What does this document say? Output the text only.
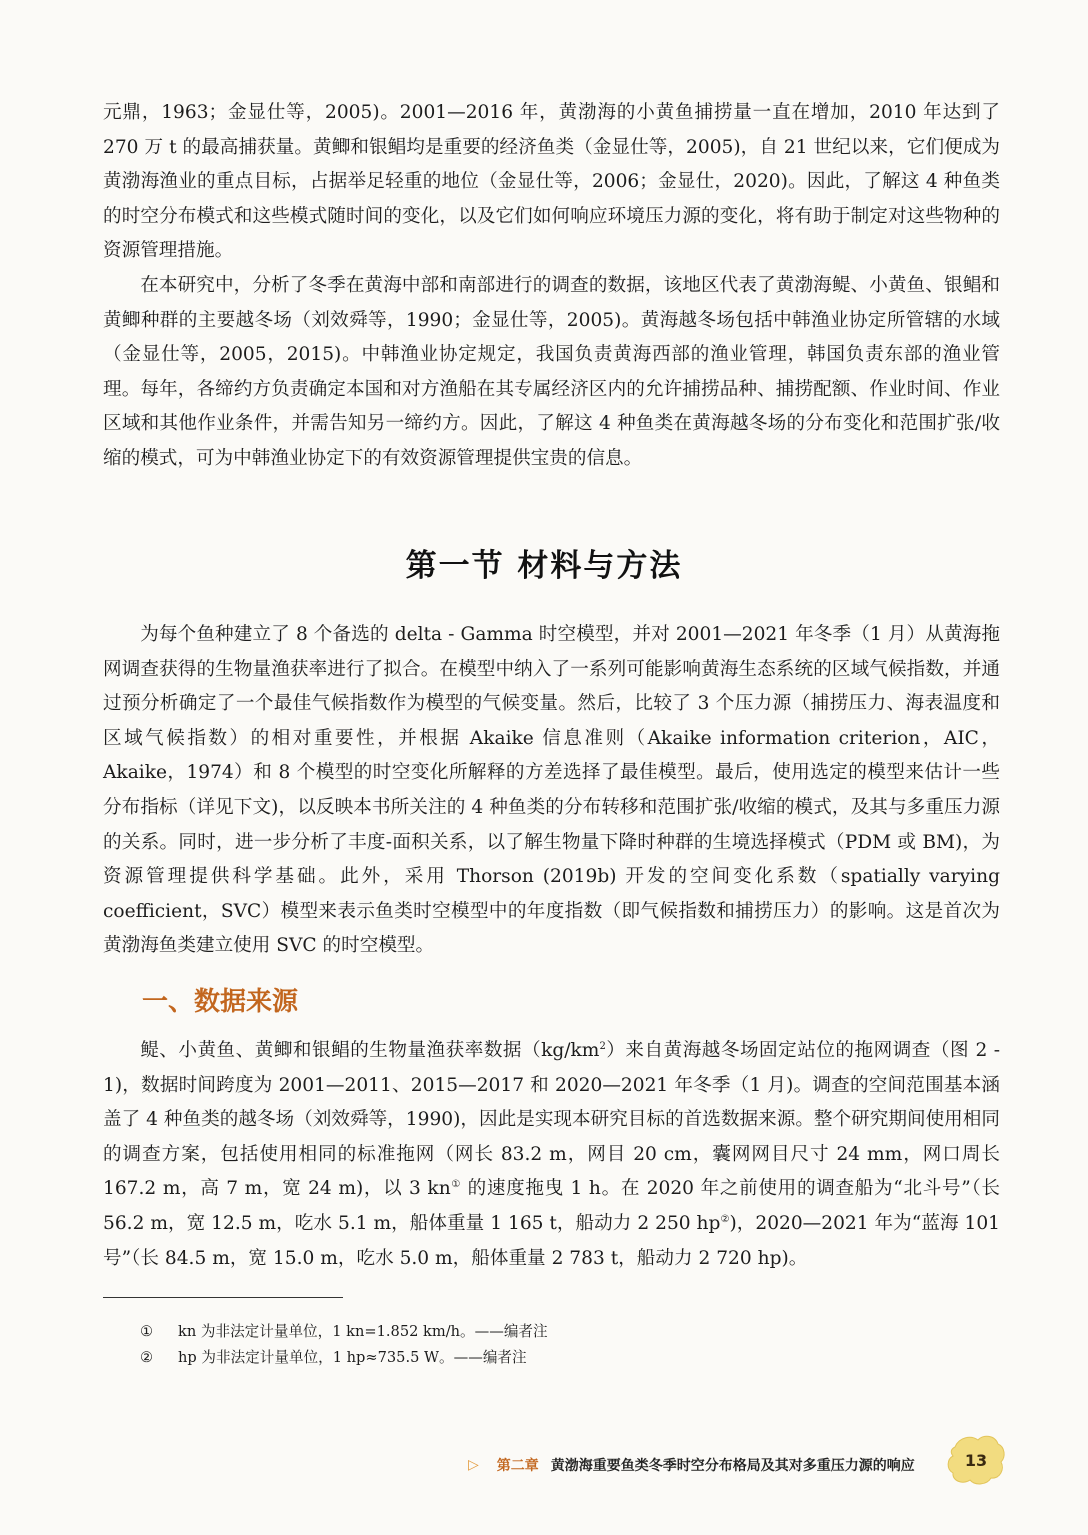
元鼎，1963；金显仕等，2005)。2001—2016 年，黄渤海的小黄鱼捕捞量一直在增加，2010 年达到了270 万 t 的最高捕获量。黄鲫和银鲳均是重要的经济鱼类（金显仕等，2005)，自 21 世纪以来，它们便成为黄渤海渔业的重点目标，占据举足轻重的地位（金显仕等，2006；金显仕，2020)。因此，了解这 4 种鱼类的时空分布模式和这些模式随时间的变化，以及它们如何响应环境压力源的变化，将有助于制定对这些物种的资源管理措施。

在本研究中，分析了冬季在黄海中部和南部进行的调查的数据，该地区代表了黄渤海鳀、小黄鱼、银鲳和黄鲫种群的主要越冬场（刘效舜等，1990；金显仕等，2005)。黄海越冬场包括中韩渔业协定所管辖的水域（金显仕等，2005，2015)。中韩渔业协定规定，我国负责黄海西部的渔业管理，韩国负责东部的渔业管理。每年，各缔约方负责确定本国和对方渔船在其专属经济区内的允许捕捞品种、捕捞配额、作业时间、作业区域和其他作业条件，并需告知另一缔约方。因此，了解这 4 种鱼类在黄海越冬场的分布变化和范围扩张/收缩的模式，可为中韩渔业协定下的有效资源管理提供宝贵的信息。

第一节 材料与方法

为每个鱼种建立了 8 个备选的 delta - Gamma 时空模型，并对 2001—2021 年冬季（1 月）从黄海拖网调查获得的生物量渔获率进行了拟合。在模型中纳入了一系列可能影响黄海生态系统的区域气候指数，并通过预分析确定了一个最佳气候指数作为模型的气候变量。然后，比较了 3 个压力源（捕捞压力、海表温度和区域气候指数）的相对重要性，并根据 Akaike 信息准则（Akaike information criterion，AIC，Akaike，1974）和 8 个模型的时空变化所解释的方差选择了最佳模型。最后，使用选定的模型来估计一些分布指标（详见下文)，以反映本书所关注的 4 种鱼类的分布转移和范围扩张/收缩的模式，及其与多重压力源的关系。同时，进一步分析了丰度-面积关系，以了解生物量下降时种群的生境选择模式（PDM 或 BM)，为资源管理提供科学基础。此外，采用 Thorson (2019b) 开发的空间变化系数（spatially varying coefficient，SVC）模型来表示鱼类时空模型中的年度指数（即气候指数和捕捞压力）的影响。这是首次为黄渤海鱼类建立使用 SVC 的时空模型。

一、数据来源

鳀、小黄鱼、黄鲫和银鲳的生物量渔获率数据$(kg/km^2)$来自黄海越冬场固定站位的拖网调查（图 2 - 1)，数据时间跨度为 2001—2011、2015—2017 和 2020—2021 年冬季（1 月)。调查的空间范围基本涵盖了 4 种鱼类的越冬场（刘效舜等，1990)，因此是实现本研究目标的首选数据来源。整个研究期间使用相同的调查方案，包括使用相同的标准拖网（网长 83.2 m，网目 20 cm，囊网网目尺寸 24 mm，网口周长 167.2 m，高 7 m，宽 24 m)，以 3 kn① 的速度拖曳 1 h。在 2020 年之前使用的调查船为“北斗号”（长 56.2 m，宽 12.5 m，吃水 5.1 m，船体重量 1 165 t，船动力 2 250 hp②)，2020—2021 年为“蓝海 101 号”（长 84.5 m，宽 15.0 m，吃水 5.0 m，船体重量 2 783 t，船动力 2 720 hp)。

① kn 为非法定计量单位，1 kn=1.852 km/h。——编者注

② hp 为非法定计量单位，1 hp≈735.5 W。——编者注

▷ 第二章 黄渤海重要鱼类冬季时空分布格局及其对多重压力源的响应	13
